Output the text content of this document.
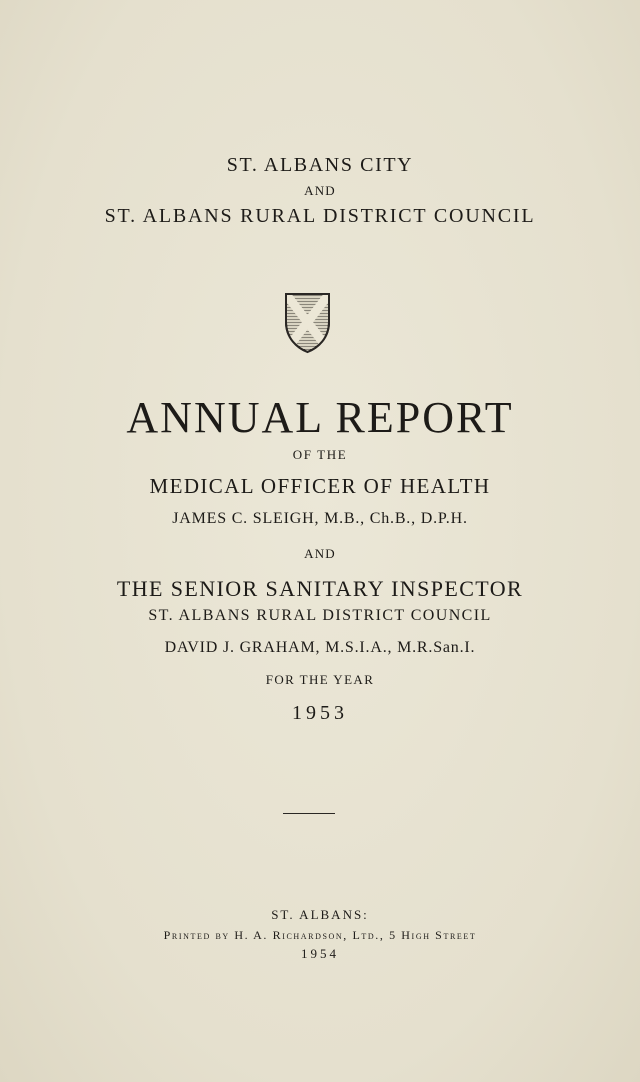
ST. ALBANS CITY
AND
ST. ALBANS RURAL DISTRICT COUNCIL
ANNUAL REPORT
OF THE
MEDICAL OFFICER OF HEALTH
JAMES C. SLEIGH, M.B., Ch.B., D.P.H.
AND
THE SENIOR SANITARY INSPECTOR
ST. ALBANS RURAL DISTRICT COUNCIL
DAVID J. GRAHAM, M.S.I.A., M.R.San.I.
FOR THE YEAR
1953
ST. ALBANS:
Printed by H. A. Richardson, Ltd., 5 High Street
1954
